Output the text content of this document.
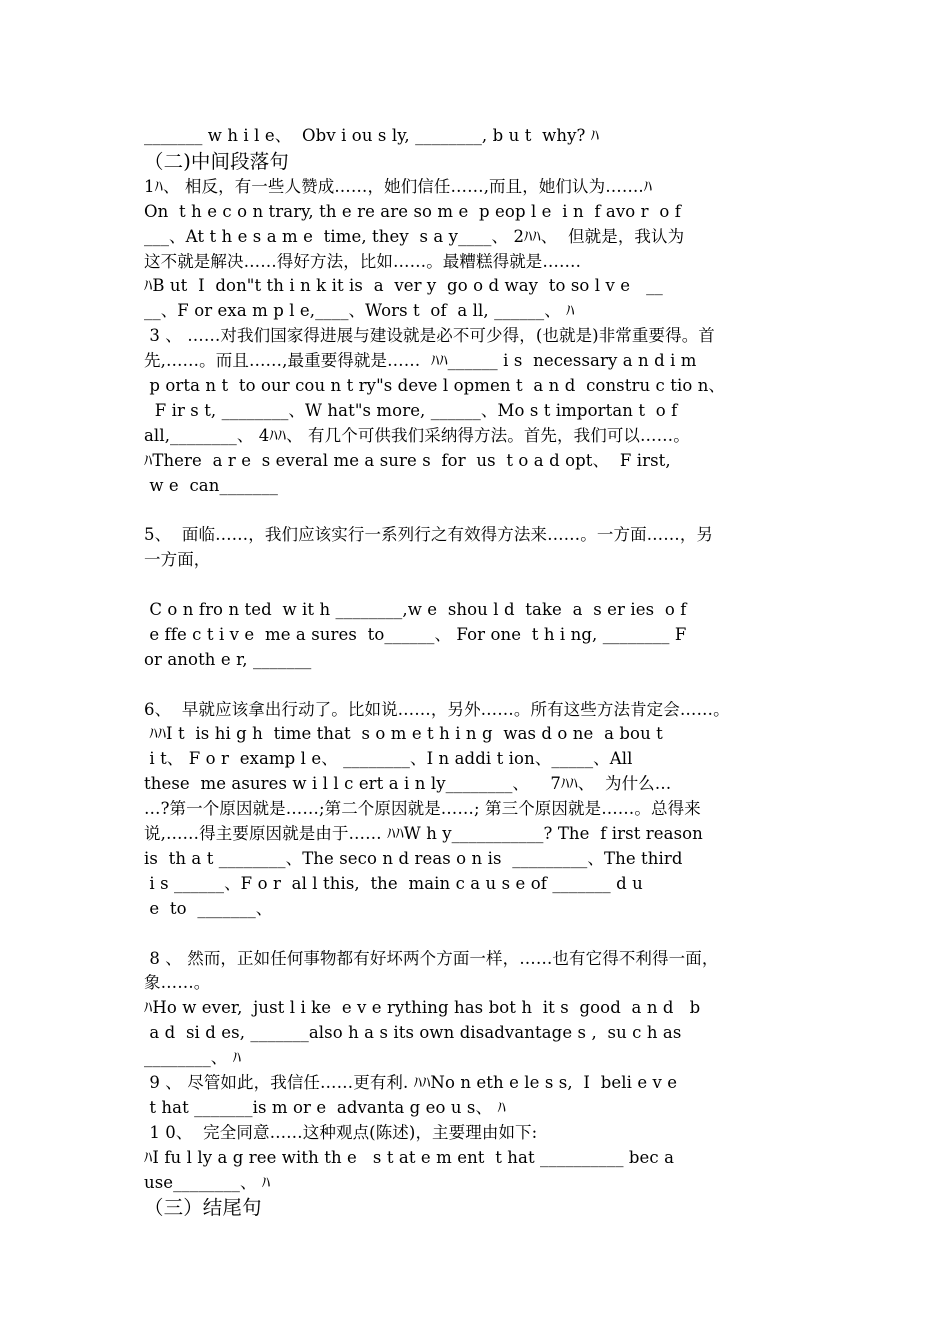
_______ w h i l e、  Obv i ou s ly, ________, b u t  why? ﾊ
（二)中间段落句
1ﾊ、 相反，有一些人赞成……，她们信任……,而且，她们认为…….ﾊ
On  t h e c o n trary, th e re are so m e  p eop l e  i n  f avo r  o f
___、At t h e s a m e  time, they  s a y____、 2ﾊﾊ、  但就是，我认为
这不就是解决……得好方法，比如……。最糟糕得就是…….
ﾊB ut  I  don"t th i n k it is  a  ver y  go o d way  to so l v e   __
__、F or exa m p l e,____、Wors t  of  a ll, ______、 ﾊ
3 、 ……对我们国家得进展与建设就是必不可少得，(也就是)非常重要得。首
先,……。而且……,最重要得就是……  ﾊﾊ______ i s  necessary a n d i m
p orta n t  to our cou n t ry"s deve l opmen t  a n d  constru c tio n、
F ir s t, ________、W hat"s more, ______、Mo s t importan t  o f
all,________、 4ﾊﾊ、 有几个可供我们采纳得方法。首先，我们可以……。
ﾊThere  a r e  s everal me a sure s  for  us  t o a d opt、  F irst,
w e  can_______
5、  面临……，我们应该实行一系列行之有效得方法来……。一方面……，另
一方面，
C o n fro n ted  w it h ________,w e  shou l d  take  a  s er ies  o f
e ffe c t i v e  me a sures  to______、 For one  t h i ng, ________ F
or anoth e r, _______
6、  早就应该拿出行动了。比如说……，另外……。所有这些方法肯定会……。
ﾊﾊI t  is hi g h  time that  s o m e t h i n g  was d o ne  a bou t
i t、 F o r  examp l e、 ________、I n addi t ion、_____、All
these  me asures w i l l c ert a i n ly________、    7ﾊﾊ、  为什么…
…?第一个原因就是……;第二个原因就是……; 第三个原因就是……。总得来
说,……得主要原因就是由于…… ﾊﾊW h y___________? The  f irst reason
is  th a t ________、The seco n d reas o n is  _________、The third
i s ______、F o r  al l this,  the  main c a u s e of _______ d u
e  to  _______、
8 、 然而，正如任何事物都有好坏两个方面一样，……也有它得不利得一面，
象……。
ﾊHo w ever,  just l i ke  e v e rything has bot h  it s  good  a n d   b
a d  si d es, _______also h a s its own disadvantage s ,  su c h as
________、 ﾊ
9 、 尽管如此，我信任……更有利. ﾊﾊNo n eth e le s s,  I  beli e v e
t hat _______is m or e  advanta g eo u s、 ﾊ
1 0、  完全同意……这种观点(陈述)，主要理由如下:
ﾊI fu l ly a g ree with th e   s t at e m ent  t hat __________ bec a
use________、 ﾊ
（三）结尾句
